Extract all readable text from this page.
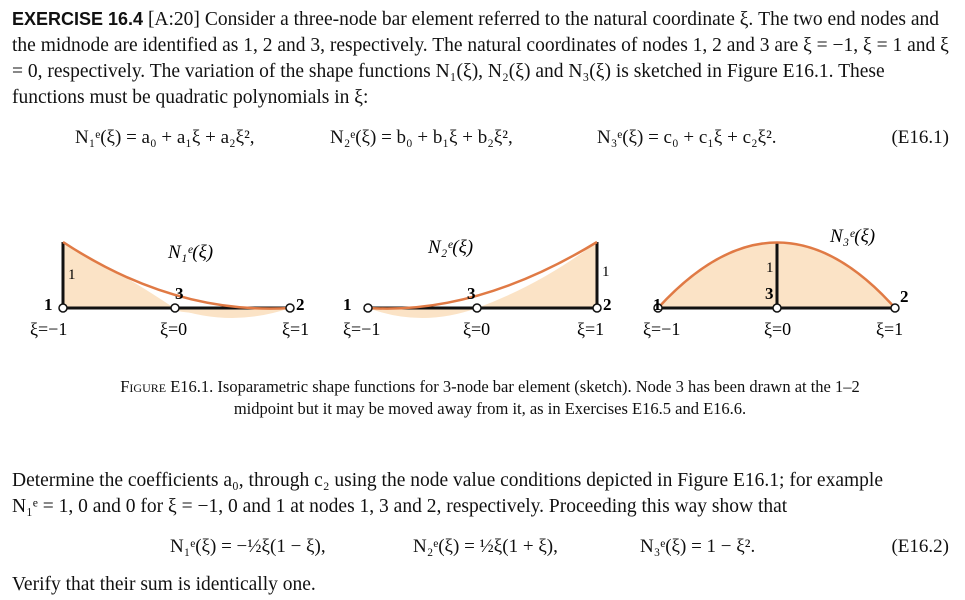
EXERCISE 16.4 [A:20] Consider a three-node bar element referred to the natural coordinate ξ. The two end nodes and the midnode are identified as 1, 2 and 3, respectively. The natural coordinates of nodes 1, 2 and 3 are ξ = −1, ξ = 1 and ξ = 0, respectively. The variation of the shape functions N₁(ξ), N₂(ξ) and N₃(ξ) is sketched in Figure E16.1. These functions must be quadratic polynomials in ξ:

N₁ᵉ(ξ) = a₀ + a₁ξ + a₂ξ²,	N₂ᵉ(ξ) = b₀ + b₁ξ + b₂ξ²,	N₃ᵉ(ξ) = c₀ + c₁ξ + c₂ξ².	(E16.1)
N₁ᵉ(ξ)
1
1
3
2
ξ=−1	ξ=0	ξ=1
N₂ᵉ(ξ)
1
1
3
2
ξ=−1	ξ=0	ξ=1
N₃ᵉ(ξ)
1
1
3	2
ξ=−1	ξ=0	ξ=1
Figure E16.1. Isoparametric shape functions for 3-node bar element (sketch). Node 3 has been drawn at the 1–2 midpoint but it may be moved away from it, as in Exercises E16.5 and E16.6.

Determine the coefficients a₀, through c₂ using the node value conditions depicted in Figure E16.1; for example

N₁ᵉ = 1, 0 and 0 for ξ = −1, 0 and 1 at nodes 1, 3 and 2, respectively. Proceeding this way show that

N₁ᵉ(ξ) = −½ξ(1 − ξ),	N₂ᵉ(ξ) = ½ξ(1 + ξ),	N₃ᵉ(ξ) = 1 − ξ².	(E16.2)
Verify that their sum is identically one.
